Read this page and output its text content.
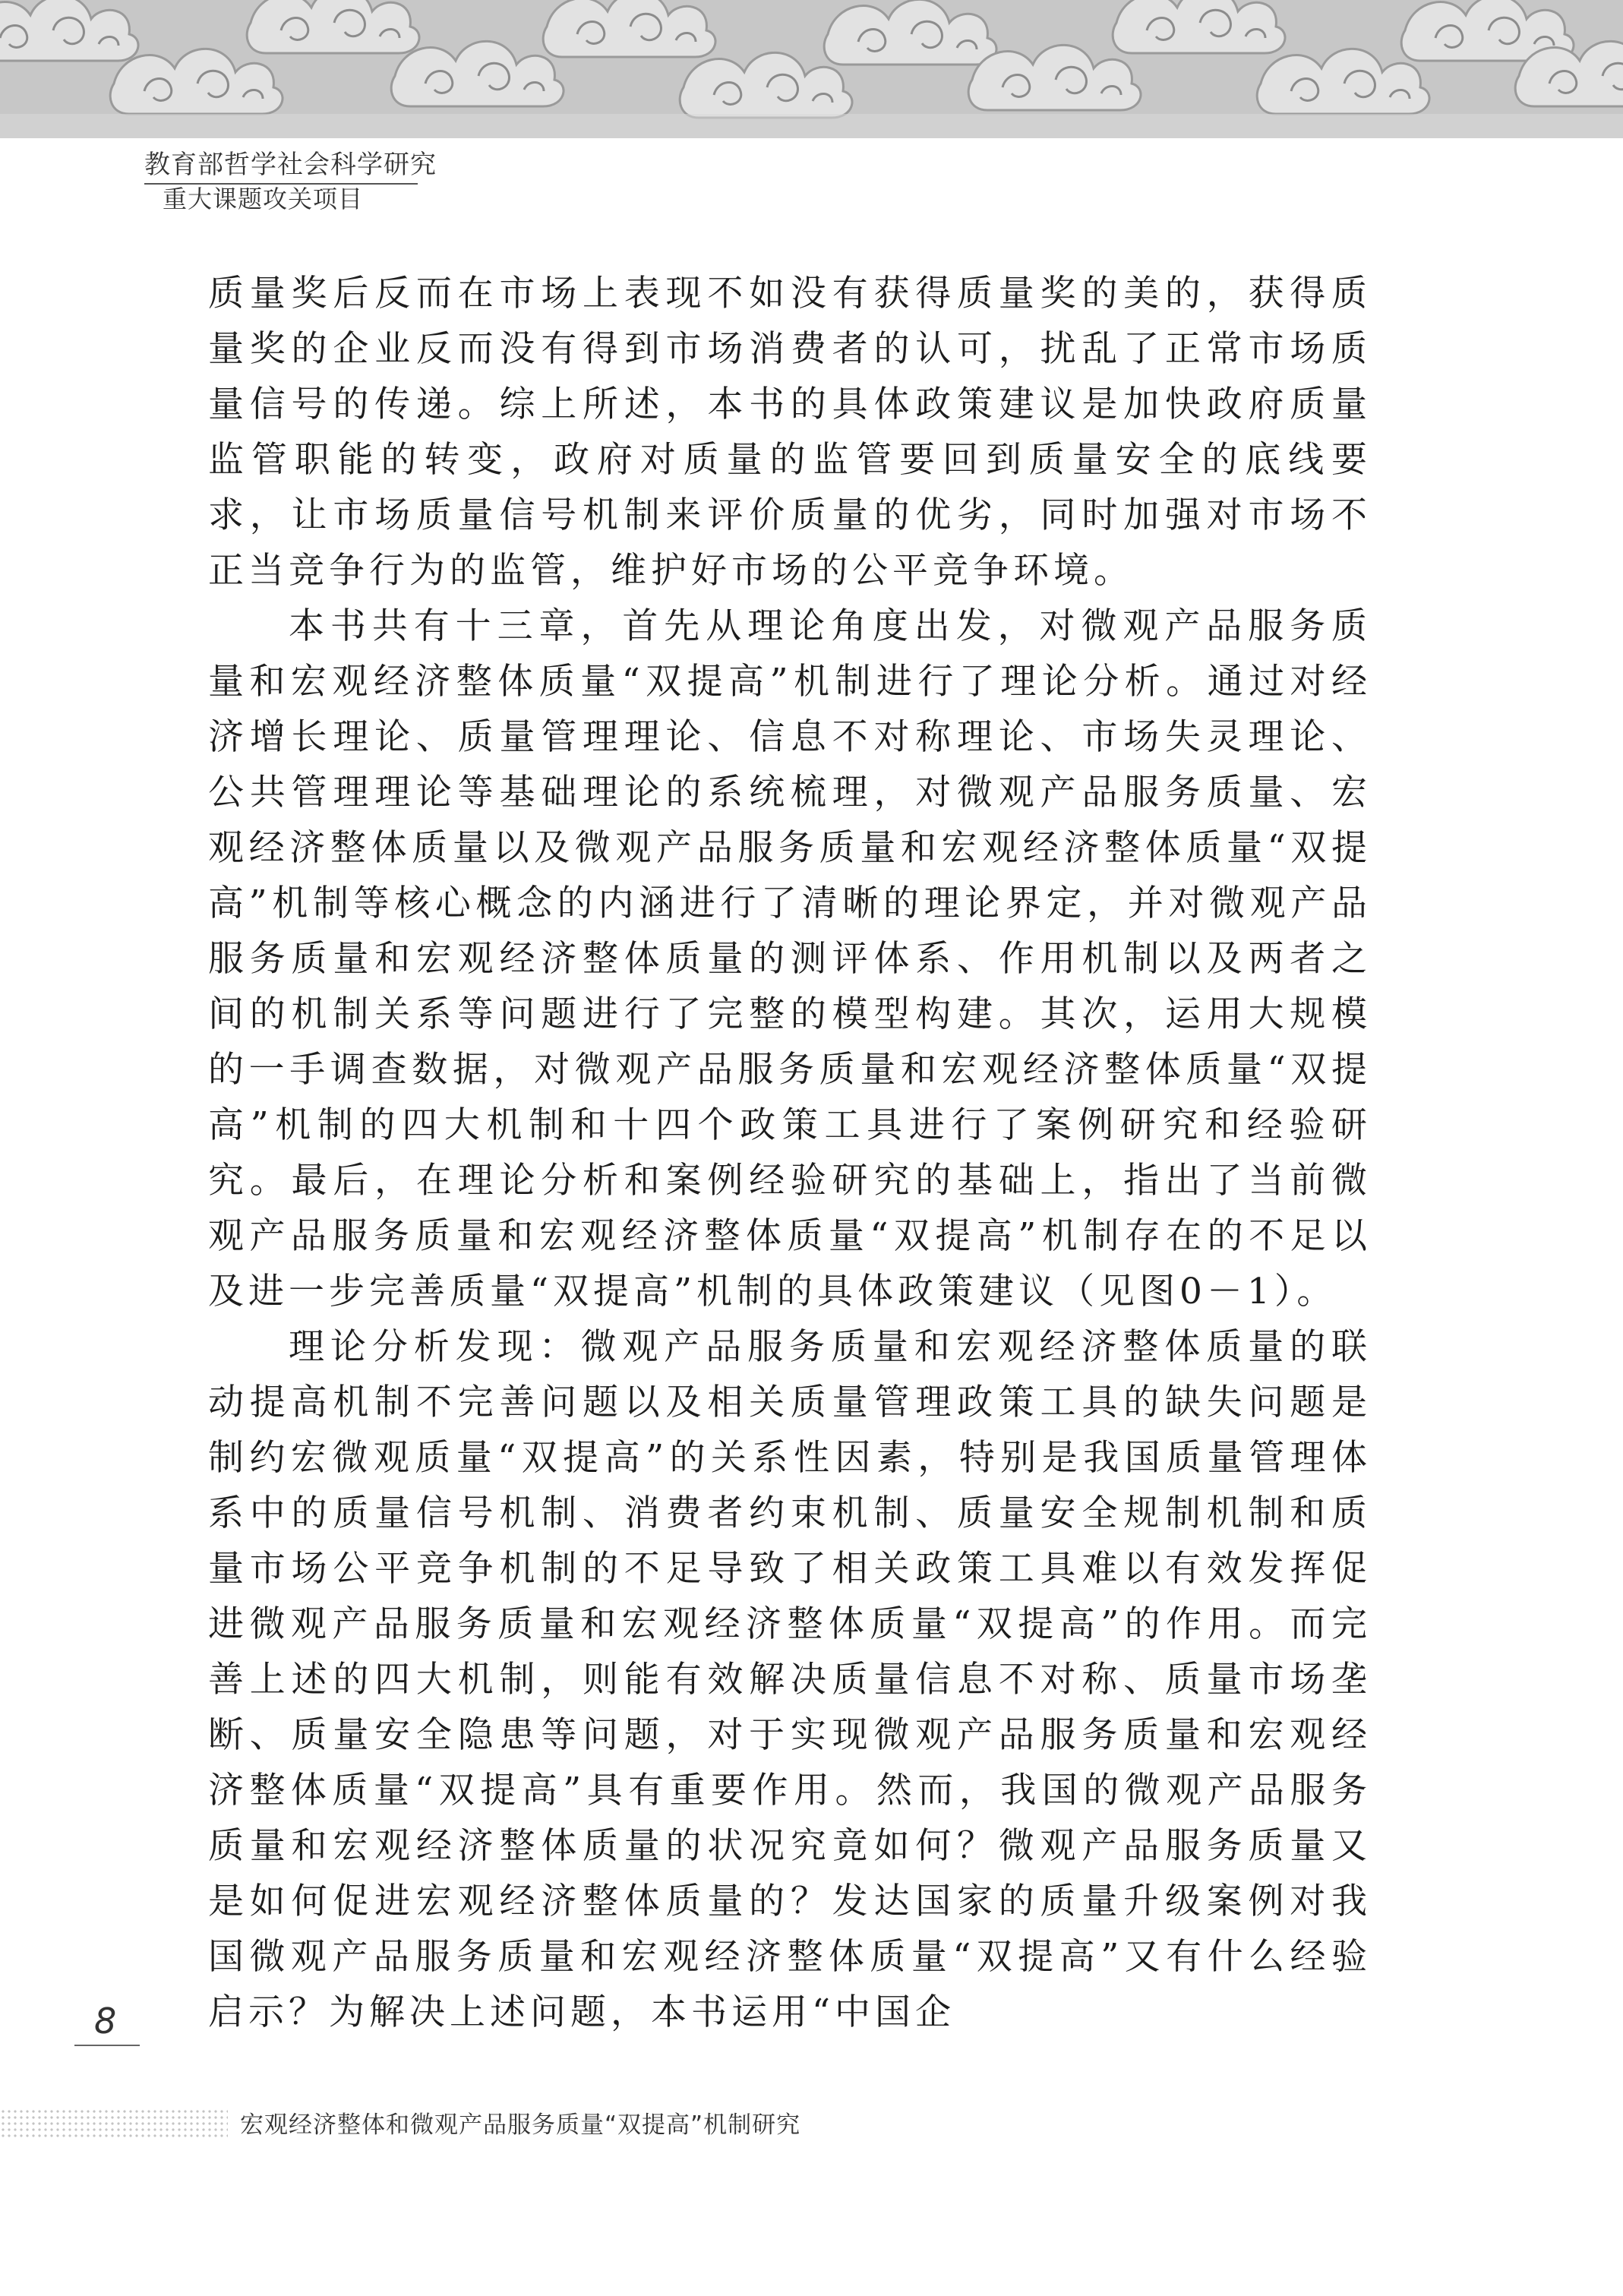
教育部哲学社会科学研究
重大课题攻关项目

质量奖后反而在市场上表现不如没有获得质量奖的美的，获得质量奖的企业反而没有得到市场消费者的认可，扰乱了正常市场质量信号的传递。综上所述，本书的具体政策建议是加快政府质量监管职能的转变，政府对质量的监管要回到质量安全的底线要求，让市场质量信号机制来评价质量的优劣，同时加强对市场不正当竞争行为的监管，维护好市场的公平竞争环境。

本书共有十三章，首先从理论角度出发，对微观产品服务质量和宏观经济整体质量“双提高”机制进行了理论分析。通过对经济增长理论、质量管理理论、信息不对称理论、市场失灵理论、公共管理理论等基础理论的系统梳理，对微观产品服务质量、宏观经济整体质量以及微观产品服务质量和宏观经济整体质量“双提高”机制等核心概念的内涵进行了清晰的理论界定，并对微观产品服务质量和宏观经济整体质量的测评体系、作用机制以及两者之间的机制关系等问题进行了完整的模型构建。其次，运用大规模的一手调查数据，对微观产品服务质量和宏观经济整体质量“双提高”机制的四大机制和十四个政策工具进行了案例研究和经验研究。最后，在理论分析和案例经验研究的基础上，指出了当前微观产品服务质量和宏观经济整体质量“双提高”机制存在的不足以及进一步完善质量“双提高”机制的具体政策建议（见图0－1）。

理论分析发现：微观产品服务质量和宏观经济整体质量的联动提高机制不完善问题以及相关质量管理政策工具的缺失问题是制约宏微观质量“双提高”的关系性因素，特别是我国质量管理体系中的质量信号机制、消费者约束机制、质量安全规制机制和质量市场公平竞争机制的不足导致了相关政策工具难以有效发挥促进微观产品服务质量和宏观经济整体质量“双提高”的作用。而完善上述的四大机制，则能有效解决质量信息不对称、质量市场垄断、质量安全隐患等问题，对于实现微观产品服务质量和宏观经济整体质量“双提高”具有重要作用。然而，我国的微观产品服务质量和宏观经济整体质量的状况究竟如何？微观产品服务质量又是如何促进宏观经济整体质量的？发达国家的质量升级案例对我国微观产品服务质量和宏观经济整体质量“双提高”又有什么经验启示？为解决上述问题，本书运用“中国企

8
宏观经济整体和微观产品服务质量“双提高”机制研究
